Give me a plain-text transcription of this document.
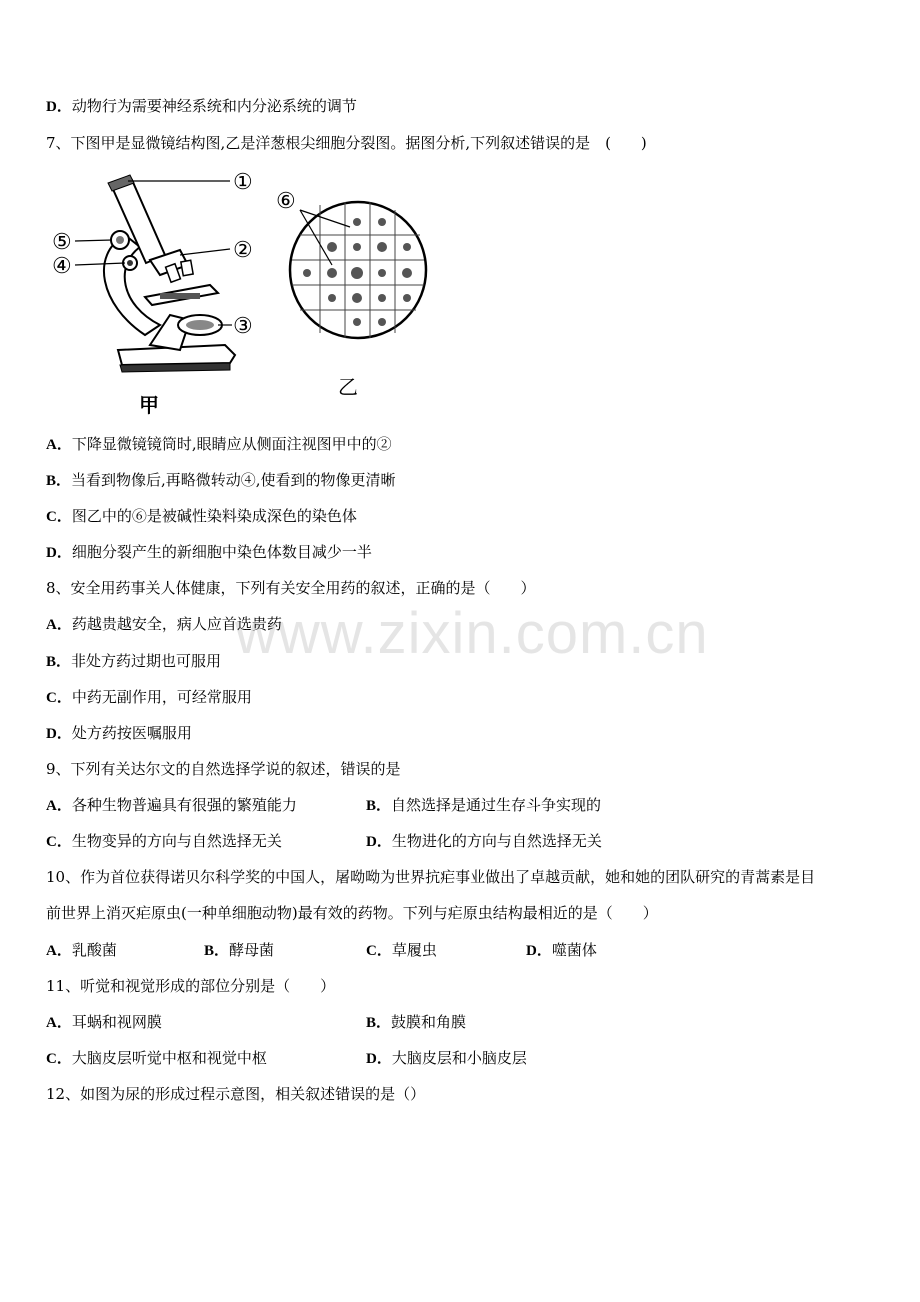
www.zixin.com.cn
D．动物行为需要神经系统和内分泌系统的调节
7、下图甲是显微镜结构图,乙是洋葱根尖细胞分裂图。据图分析,下列叙述错误的是　(　　)
①
②
③
④
⑤
⑥
甲
乙
A．下降显微镜镜筒时,眼睛应从侧面注视图甲中的②
B．当看到物像后,再略微转动④,使看到的物像更清晰
C．图乙中的⑥是被碱性染料染成深色的染色体
D．细胞分裂产生的新细胞中染色体数目减少一半
8、安全用药事关人体健康，下列有关安全用药的叙述，正确的是（　　）
A．药越贵越安全，病人应首选贵药
B．非处方药过期也可服用
C．中药无副作用，可经常服用
D．处方药按医嘱服用
9、下列有关达尔文的自然选择学说的叙述，错误的是
A．各种生物普遍具有很强的繁殖能力	B．自然选择是通过生存斗争实现的
C．生物变异的方向与自然选择无关	D．生物进化的方向与自然选择无关
10、作为首位获得诺贝尔科学奖的中国人，屠呦呦为世界抗疟事业做出了卓越贡献，她和她的团队研究的青蒿素是目
前世界上消灭疟原虫(一种单细胞动物)最有效的药物。下列与疟原虫结构最相近的是（　　）
A．乳酸菌	B．酵母菌	C．草履虫	D．噬菌体
11、听觉和视觉形成的部位分别是（　　）
A．耳蜗和视网膜	B．鼓膜和角膜
C．大脑皮层听觉中枢和视觉中枢	D．大脑皮层和小脑皮层
12、如图为尿的形成过程示意图，相关叙述错误的是（）
